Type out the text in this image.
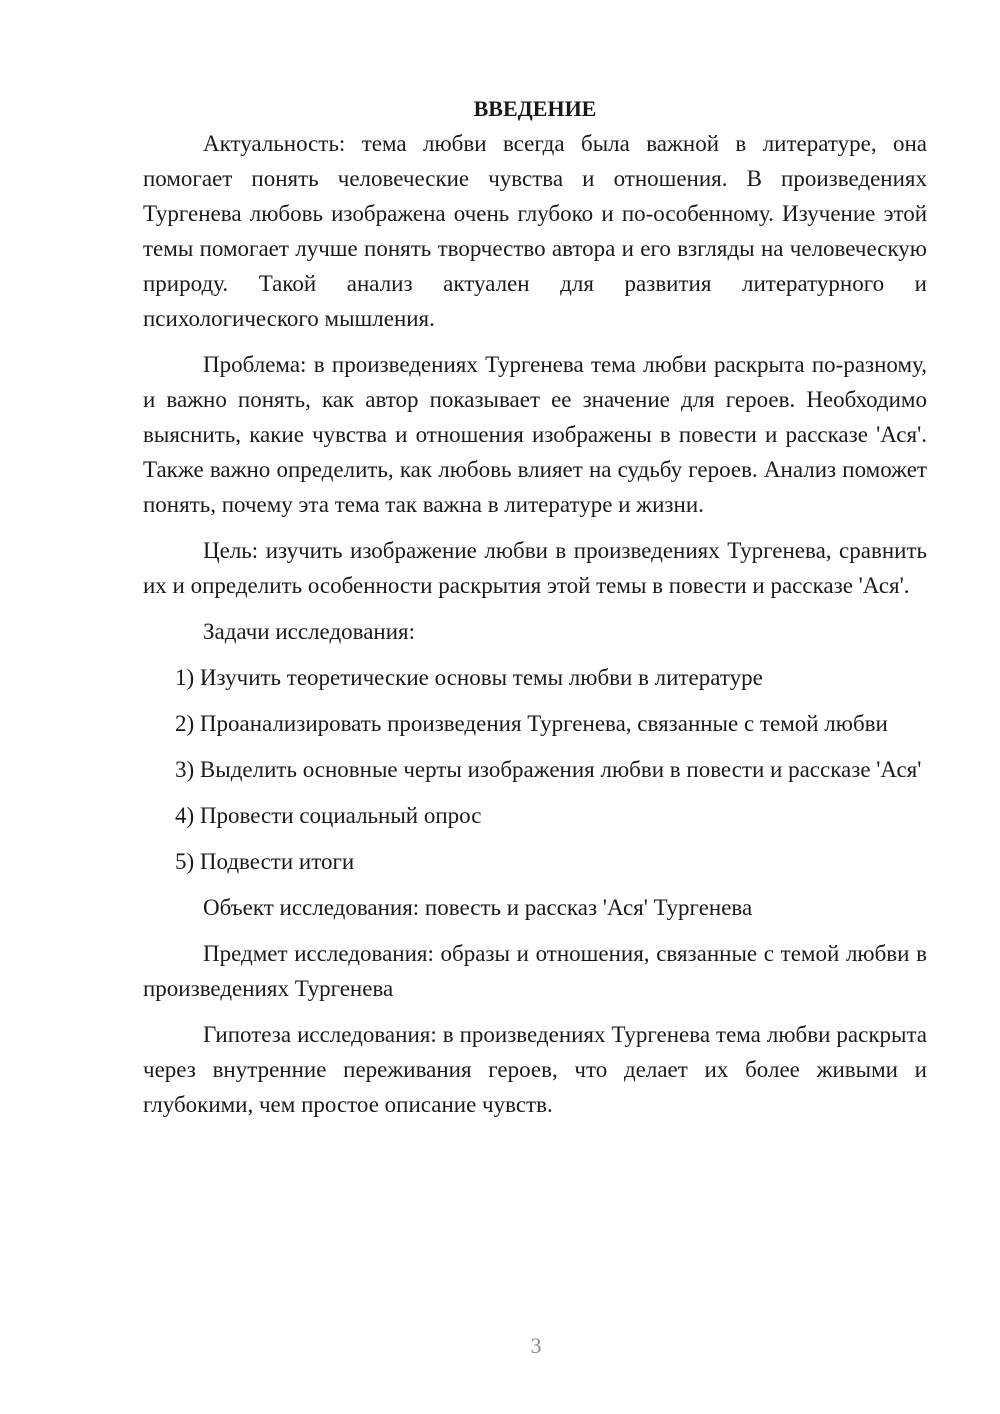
ВВЕДЕНИЕ

Актуальность: тема любви всегда была важной в литературе, она помогает понять человеческие чувства и отношения. В произведениях Тургенева любовь изображена очень глубоко и по-особенному. Изучение этой темы помогает лучше понять творчество автора и его взгляды на человеческую природу. Такой анализ актуален для развития литературного и психологического мышления.

Проблема: в произведениях Тургенева тема любви раскрыта по-разному, и важно понять, как автор показывает ее значение для героев. Необходимо выяснить, какие чувства и отношения изображены в повести и рассказе 'Ася'. Также важно определить, как любовь влияет на судьбу героев. Анализ поможет понять, почему эта тема так важна в литературе и жизни.

Цель: изучить изображение любви в произведениях Тургенева, сравнить их и определить особенности раскрытия этой темы в повести и рассказе 'Ася'.

Задачи исследования:

1) Изучить теоретические основы темы любви в литературе

2) Проанализировать произведения Тургенева, связанные с темой любви

3) Выделить основные черты изображения любви в повести и рассказе 'Ася'

4) Провести социальный опрос

5) Подвести итоги

Объект исследования: повесть и рассказ 'Ася' Тургенева

Предмет исследования: образы и отношения, связанные с темой любви в произведениях Тургенева

Гипотеза исследования: в произведениях Тургенева тема любви раскрыта через внутренние переживания героев, что делает их более живыми и глубокими, чем простое описание чувств.

3
